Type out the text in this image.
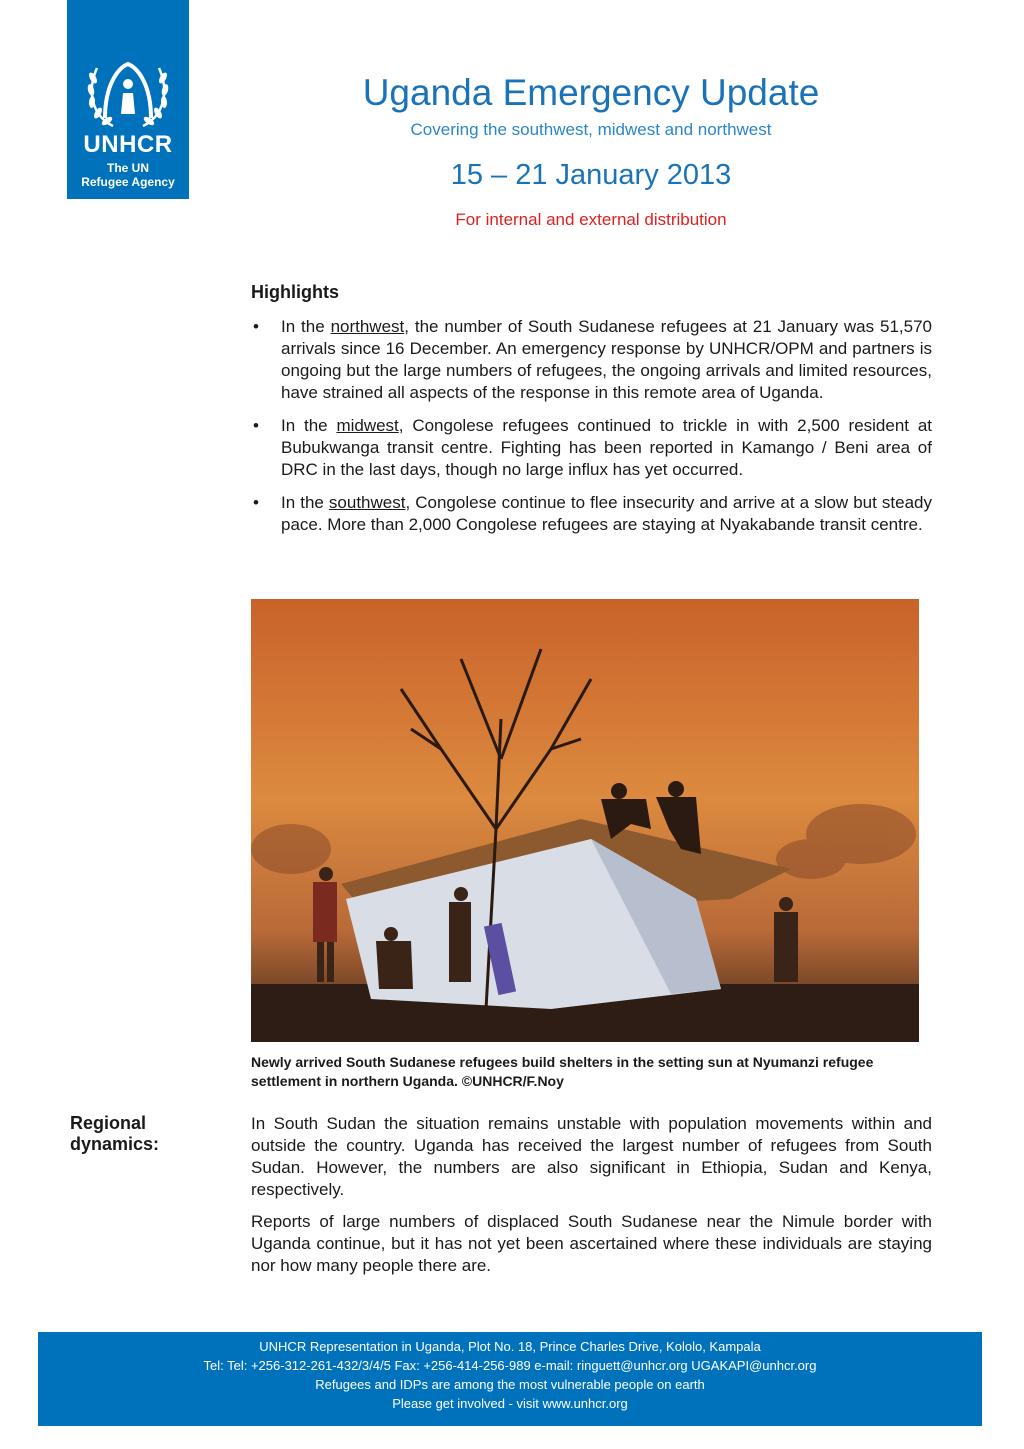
UNHCR
The UN
Refugee Agency
Uganda Emergency Update
Covering the southwest, midwest and northwest
15 – 21 January 2013
For internal and external distribution
Highlights
• In the northwest, the number of South Sudanese refugees at 21 January was 51,570 arrivals since 16 December. An emergency response by UNHCR/OPM and partners is ongoing but the large numbers of refugees, the ongoing arrivals and limited resources, have strained all aspects of the response in this remote area of Uganda.
• In the midwest, Congolese refugees continued to trickle in with 2,500 resident at Bubukwanga transit centre. Fighting has been reported in Kamango / Beni area of DRC in the last days, though no large influx has yet occurred.
• In the southwest, Congolese continue to flee insecurity and arrive at a slow but steady pace. More than 2,000 Congolese refugees are staying at Nyakabande transit centre.
Newly arrived South Sudanese refugees build shelters in the setting sun at Nyumanzi refugee settlement in northern Uganda. ©UNHCR/F.Noy
Regional dynamics:

In South Sudan the situation remains unstable with population movements within and outside the country. Uganda has received the largest number of refugees from South Sudan. However, the numbers are also significant in Ethiopia, Sudan and Kenya, respectively.

Reports of large numbers of displaced South Sudanese near the Nimule border with Uganda continue, but it has not yet been ascertained where these individuals are staying nor how many people there are.

UNHCR Representation in Uganda, Plot No. 18, Prince Charles Drive, Kololo, Kampala
Tel: Tel: +256-312-261-432/3/4/5 Fax: +256-414-256-989 e-mail: ringuett@unhcr.org UGAKAPI@unhcr.org
Refugees and IDPs are among the most vulnerable people on earth
Please get involved - visit www.unhcr.org
